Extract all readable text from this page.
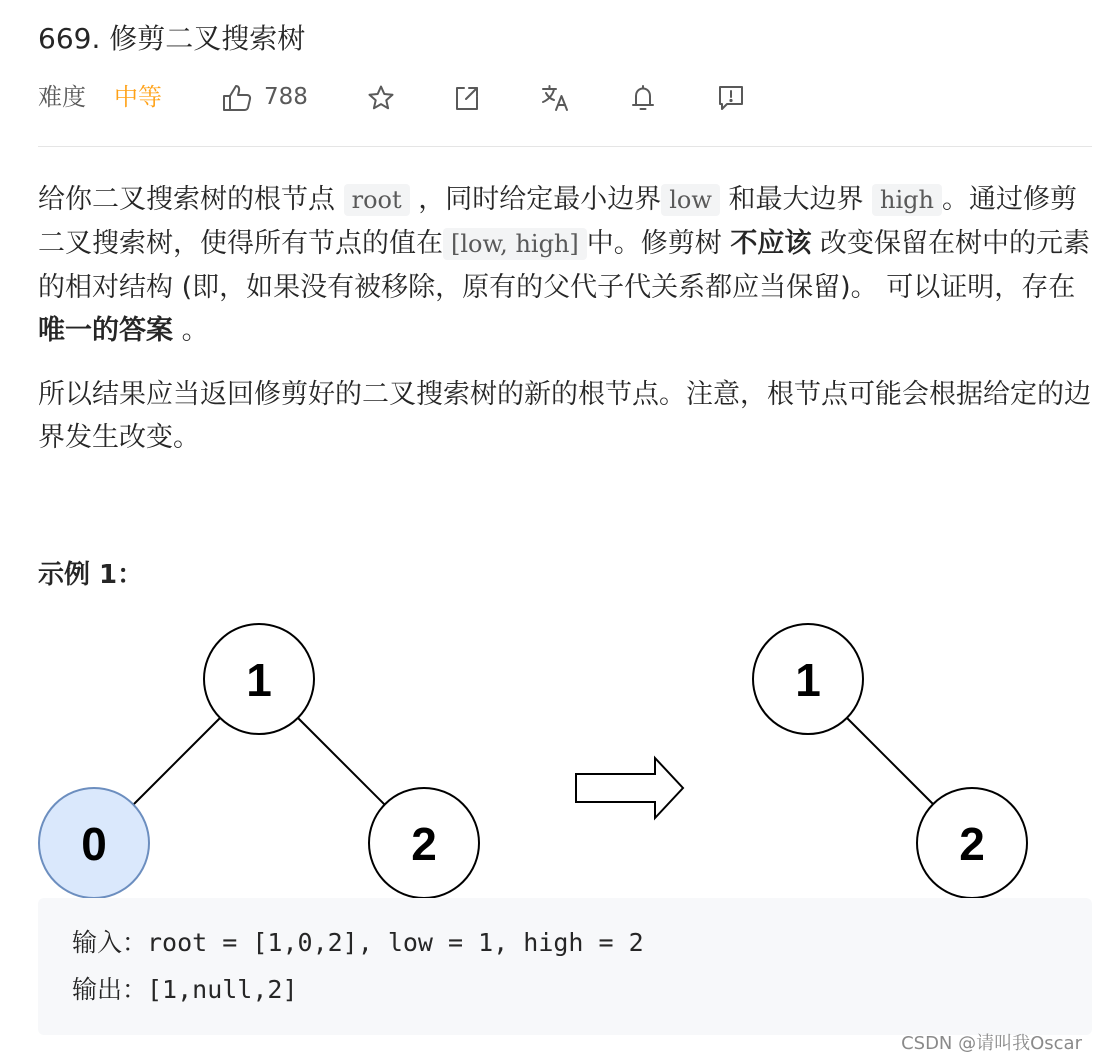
669. 修剪二叉搜索树
难度 中等	788

给你二叉搜索树的根节点 root ，同时给定最小边界 low 和最大边界 high 。通过修剪二叉搜索树，使得所有节点的值在 [low, high] 中。修剪树 不应该 改变保留在树中的元素的相对结构 (即，如果没有被移除，原有的父代子代关系都应当保留)。 可以证明，存在 唯一的答案 。

所以结果应当返回修剪好的二叉搜索树的新的根节点。注意，根节点可能会根据给定的边界发生改变。

示例 1：
1
0	2
1
2
输入：root = [1,0,2], low = 1, high = 2
输出：[1,null,2]
CSDN @请叫我Oscar
